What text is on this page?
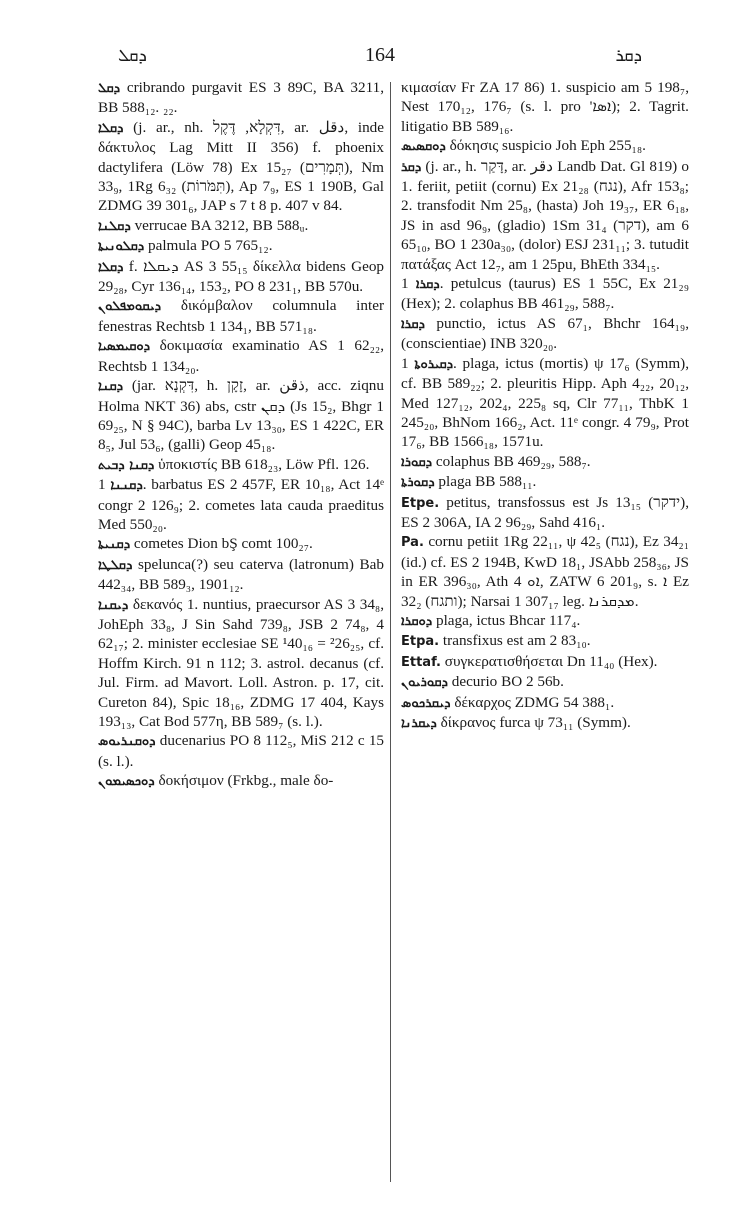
ܕܩܠ	164	ܕܩܪ
ܕܩܠ cribrando purgavit ES 3 89C, BA 3211, BB 588₁₂. ₂₂.
ܕܩܠܐ (j. ar., nh. דִּקְלָא, דֶּקֶל, ar. دقل, inde δάκτυλος Lag Mitt II 356) f. phoenix dactylifera (Löw 78) Ex 15₂₇ (תְּמָרִים), Nm 33₉, 1Rg 6₃₂ (תִּמֹּרוֹת), Ap 7₉, ES 1 190B, Gal ZDMG 39 301₆, JAP s 7 t 8 p. 407 v 84.
ܕܩܠܢܐ verrucae BA 3212, BB 588ᵤ.
ܕܩܠܘܢܝܬܐ palmula PO 5 765₁₂.
ܕܩܠܐ f. ܕܝܩܠܐ AS 3 55₁₅ δίκελλα bidens Geop 29₂₈, Cyr 136₁₄, 153₂, PO 8 231₁, BB 570u.
ܕܝܩܘܡܦܠܘܢ δικόμβαλον columnula inter fenestras Rechtsb 1 134₁, BB 571₁₈.
ܕܘܩܝܡܣܝܐ δοκιμασία examinatio AS 1 62₂₂, Rechtsb 1 134₂₀.
ܕܩܢܐ (jar. דִּקְנָא, h. זָקָן, ar. ذقن, acc. ziqnu Holma NKT 36) abs, cstr ܕܩܢ (Js 15₂, Bhgr 1 69₂₅, N § 94C), barba Lv 13₃₀, ES 1 422C, ER 8₅, Jul 53₆, (galli) Geop 45₁₈.
ܕܩܢܐ ܕܒܝܬ ὑποκιστίς BB 618₂₃, Löw Pfl. 126.
ܕܩܢܢܐ 1. barbatus ES 2 457F, ER 10₁₈, Act 14ᵉ congr 2 126₉; 2. cometes lata cauda praeditus Med 550₂₀.
ܕܩܢܝܬܐ cometes Dion bŞ comt 100₂₇.
ܕܩܠܛܐ spelunca(?) seu caterva (latronum) Bab 442₃₄, BB 589₃, 1901₁₂.
ܕܝܩܢܐ δεκανός 1. nuntius, praecursor AS 3 34₈, JohEph 33₈, J Sin Sahd 739₈, JSB 2 74₈, 4 62₁₇; 2. minister ecclesiae SE ¹40₁₆ = ²26₂₅, cf. Hoffm Kirch. 91 n 112; 3. astrol. decanus (cf. Jul. Firm. ad Mavort. Loll. Astron. p. 17, cit. Cureton 84), Spic 18₁₆, ZDMG 17 404, Kays 193₁₃, Cat Bod 577η, BB 589₇ (s. l.).
ܕܘܩܢܪܝܘܣ ducenarius PO 8 112₅, MiS 212 c 15 (s. l.).
ܕܘܟܣܝܡܘܢ δοκήσιμον (Frkbg., male δο-
κιμασίαν Fr ZA 17 86) 1. suspicio am 5 198₇, Nest 170₁₂, 176₇ (s. l. pro 'ܐܣܐ); 2. Tagrit. litigatio BB 589₁₆.
ܕܘܩܣܝܣ δόκησις suspicio Joh Eph 255₁₈.
ܕܩܪ (j. ar., h. דָּקַר, ar. دقر Landb Dat. Gl 819) o 1. feriit, petiit (cornu) Ex 21₂₈ (נגח), Afr 153₈; 2. transfodit Nm 25₈, (hasta) Joh 19₃₇, ER 6₁₈, JS in asd 96₉, (gladio) 1Sm 31₄ (דקר), am 6 65₁₀, BO 1 230a₃₀, (dolor) ESJ 231₁₁; 3. tutudit πατάξας Act 12₇, am 1 25pu, BhEth 334₁₅.
ܕܩܪܐ 1. petulcus (taurus) ES 1 55C, Ex 21₂₉ (Hex); 2. colaphus BB 461₂₉, 588₇.
ܕܩܪܐ punctio, ictus AS 67₁, Bhchr 164₁₉, (conscientiae) INB 320₂₀.
ܕܩܝܪܘܬܐ 1. plaga, ictus (mortis) ψ 17₆ (Symm), cf. BB 589₂₂; 2. pleuritis Hipp. Aph 4₂₂, 20₁₂, Med 127₁₂, 202₄, 225₈ sq, Clr 77₁₁, ThbK 1 245₂₀, BhNom 166₂, Act. 11ᵉ congr. 4 79₉, Prot 17₆, BB 1566₁₈, 1571u.
ܕܩܘܪܐ colaphus BB 469₂₉, 588₇.
ܕܩܘܪܬܐ plaga BB 588₁₁.
Etpe. petitus, transfossus est Js 13₁₅ (ידקר), ES 2 306A, IA 2 96₂₉, Sahd 416₁.
Pa. cornu petiit 1Rg 22₁₁, ψ 42₅ (נגח), Ez 34₂₁ (id.) cf. ES 2 194B, KwD 18₁, JSAbb 258₃₆, JS in ER 396₃₀, Ath ܐܘ 4, ZATW 6 201₉, s. ܐ Ez 32₂ (ותגח); Narsai 1 307₁₇ leg. ܡܕܩܪܢܐ.
ܕܘܩܪܐ plaga, ictus Bhcar 117₄.
Etpa. transfixus est am 2 83₁₀.
Ettaf. συγκερατισθήσεται Dn 11₄₀ (Hex).
ܕܩܘܪܝܘܢ decurio BO 2 56b.
ܕܝܩܪܟܘܣ δέκαρχος ZDMG 54 388₁.
ܕܝܩܪܢܐ δίκρανος furca ψ 73₁₁ (Symm).
